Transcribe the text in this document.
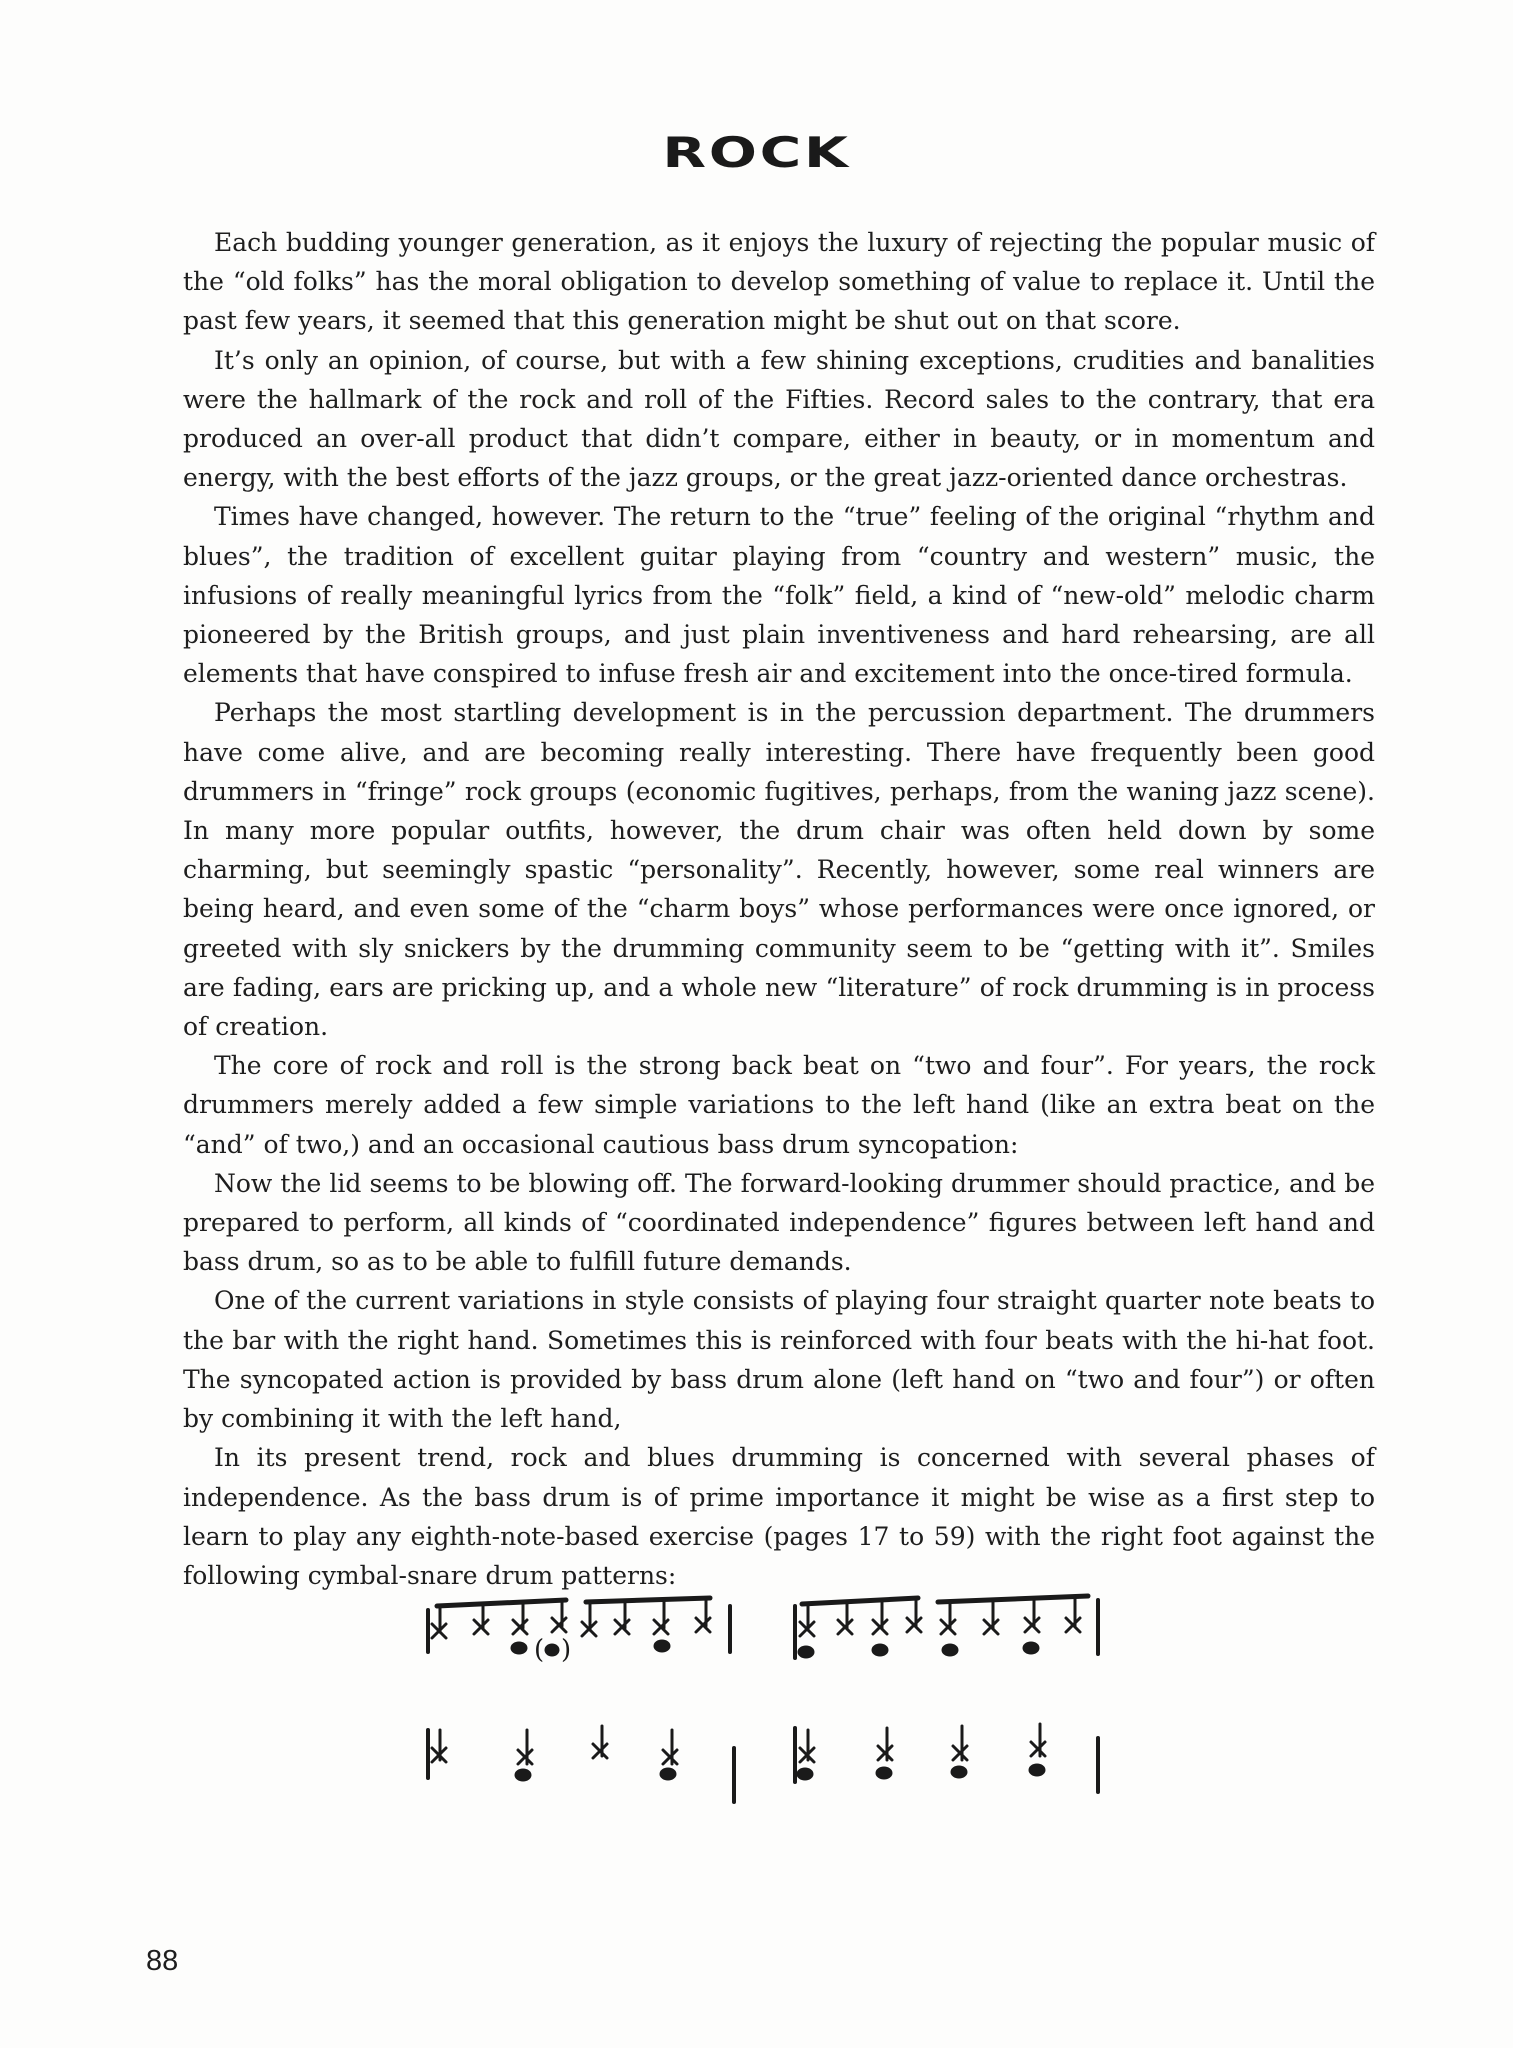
ROCK

Each budding younger generation, as it enjoys the luxury of rejecting the popular music of the “old folks” has the moral obligation to develop something of value to replace it. Until the past few years, it seemed that this generation might be shut out on that score.

It’s only an opinion, of course, but with a few shining exceptions, crudities and banalities were the hallmark of the rock and roll of the Fifties. Record sales to the contrary, that era produced an over-all product that didn’t compare, either in beauty, or in momentum and energy, with the best efforts of the jazz groups, or the great jazz-oriented dance orchestras.

Times have changed, however. The return to the “true” feeling of the original “rhythm and blues”, the tradition of excellent guitar playing from “country and western” music, the infusions of really meaningful lyrics from the “folk” field, a kind of “new-old” melodic charm pioneered by the British groups, and just plain inventiveness and hard rehearsing, are all elements that have conspired to infuse fresh air and excitement into the once-tired formula.

Perhaps the most startling development is in the percussion department. The drummers have come alive, and are becoming really interesting. There have frequently been good drummers in “fringe” rock groups (economic fugitives, perhaps, from the waning jazz scene). In many more popular outfits, however, the drum chair was often held down by some charming, but seemingly spastic “personality”. Recently, however, some real winners are being heard, and even some of the “charm boys” whose performances were once ignored, or greeted with sly snickers by the drumming community seem to be “getting with it”. Smiles are fading, ears are pricking up, and a whole new “literature” of rock drumming is in process of creation.

The core of rock and roll is the strong back beat on “two and four”. For years, the rock drummers merely added a few simple variations to the left hand (like an extra beat on the “and” of two,) and an occasional cautious bass drum syncopation:

Now the lid seems to be blowing off. The forward-looking drummer should practice, and be prepared to perform, all kinds of “coordinated independence” figures between left hand and bass drum, so as to be able to fulfill future demands.

One of the current variations in style consists of playing four straight quarter note beats to the bar with the right hand. Sometimes this is reinforced with four beats with the hi-hat foot. The syncopated action is provided by bass drum alone (left hand on “two and four”) or often by combining it with the left hand,

In its present trend, rock and blues drumming is concerned with several phases of independence. As the bass drum is of prime importance it might be wise as a first step to learn to play any eighth-note-based exercise (pages 17 to 59) with the right foot against the following cymbal-snare drum patterns:

( )
88
